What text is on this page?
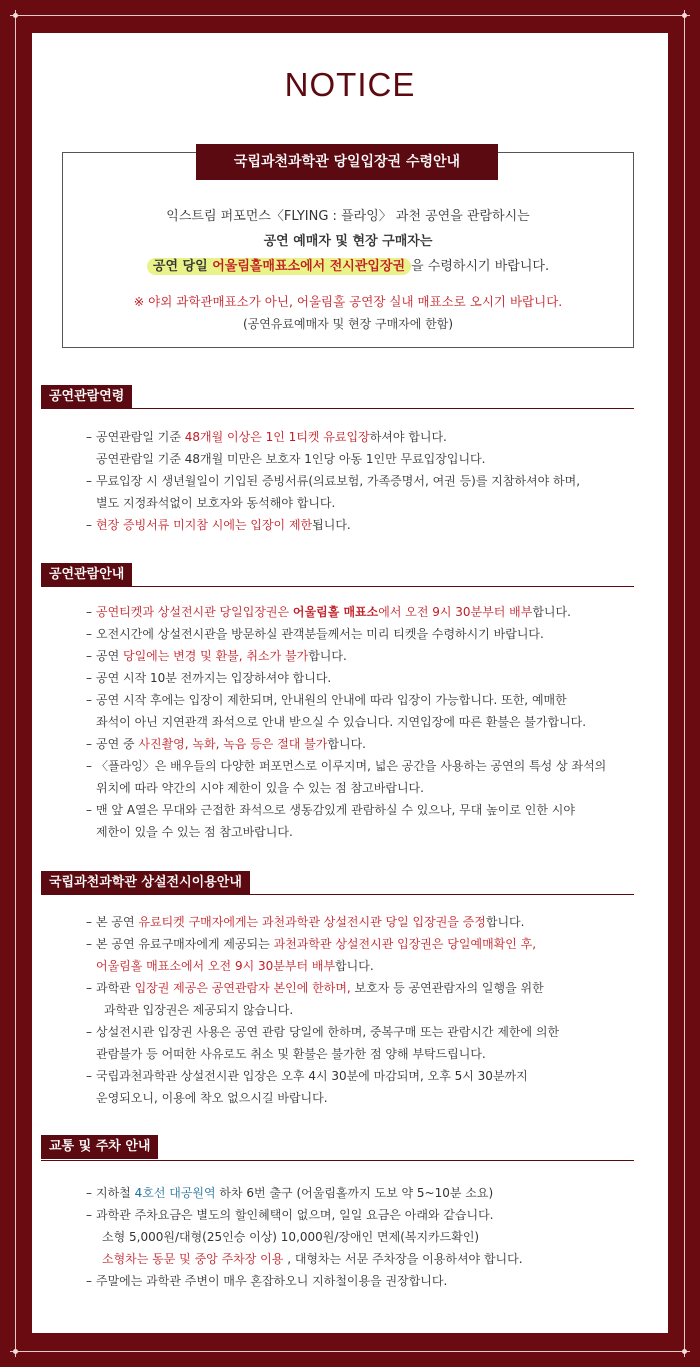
NOTICE
국립과천과학관 당일입장권 수령안내
익스트림 퍼포먼스〈FLYING : 플라잉〉 과천 공연을 관람하시는
공연 예매자 및 현장 구매자는
공연 당일 어울림홀매표소에서 전시관입장권 을 수령하시기 바랍니다.
※ 야외 과학관매표소가 아닌, 어울림홀 공연장 실내 매표소로 오시기 바랍니다.
(공연유료예매자 및 현장 구매자에 한함)
공연관람연령
– 공연관람일 기준 48개월 이상은 1인 1티켓 유료입장하셔야 합니다.
공연관람일 기준 48개월 미만은 보호자 1인당 아동 1인만 무료입장입니다.
– 무료입장 시 생년월일이 기입된 증빙서류(의료보험, 가족증명서, 여권 등)를 지참하셔야 하며,
별도 지정좌석없이 보호자와 동석해야 합니다.
– 현장 증빙서류 미지참 시에는 입장이 제한됩니다.
공연관람안내
– 공연티켓과 상설전시관 당일입장권은 어울림홀 매표소에서 오전 9시 30분부터 배부합니다.
– 오전시간에 상설전시관을 방문하실 관객분들께서는 미리 티켓을 수령하시기 바랍니다.
– 공연 당일에는 변경 및 환불, 취소가 불가합니다.
– 공연 시작 10분 전까지는 입장하셔야 합니다.
– 공연 시작 후에는 입장이 제한되며, 안내원의 안내에 따라 입장이 가능합니다. 또한, 예매한
좌석이 아닌 지연관객 좌석으로 안내 받으실 수 있습니다. 지연입장에 따른 환불은 불가합니다.
– 공연 중 사진촬영, 녹화, 녹음 등은 절대 불가합니다.
– 〈플라잉〉은 배우들의 다양한 퍼포먼스로 이루지며, 넓은 공간을 사용하는 공연의 특성 상 좌석의
위치에 따라 약간의 시야 제한이 있을 수 있는 점 참고바랍니다.
– 맨 앞 A열은 무대와 근접한 좌석으로 생동감있게 관람하실 수 있으나, 무대 높이로 인한 시야
제한이 있을 수 있는 점 참고바랍니다.
국립과천과학관 상설전시이용안내
– 본 공연 유료티켓 구매자에게는 과천과학관 상설전시관 당일 입장권을 증정합니다.
– 본 공연 유료구매자에게 제공되는 과천과학관 상설전시관 입장권은 당일예매확인 후,
어울림홀 매표소에서 오전 9시 30분부터 배부합니다.
– 과학관 입장권 제공은 공연관람자 본인에 한하며, 보호자 등 공연관람자의 일행을 위한
과학관 입장권은 제공되지 않습니다.
– 상설전시관 입장권 사용은 공연 관람 당일에 한하며, 중복구매 또는 관람시간 제한에 의한
관람불가 등 어떠한 사유로도 취소 및 환불은 불가한 점 양해 부탁드립니다.
– 국립과천과학관 상설전시관 입장은 오후 4시 30분에 마감되며, 오후 5시 30분까지
운영되오니, 이용에 착오 없으시길 바랍니다.
교통 및 주차 안내
– 지하철 4호선 대공원역 하차 6번 출구 (어울림홀까지 도보 약 5~10분 소요)
– 과학관 주차요금은 별도의 할인혜택이 없으며, 일일 요금은 아래와 같습니다.
소형 5,000원/대형(25인승 이상) 10,000원/장애인 면제(복지카드확인)
소형차는 동문 및 중앙 주차장 이용 , 대형차는 서문 주차장을 이용하셔야 합니다.
– 주말에는 과학관 주변이 매우 혼잡하오니 지하철이용을 권장합니다.
